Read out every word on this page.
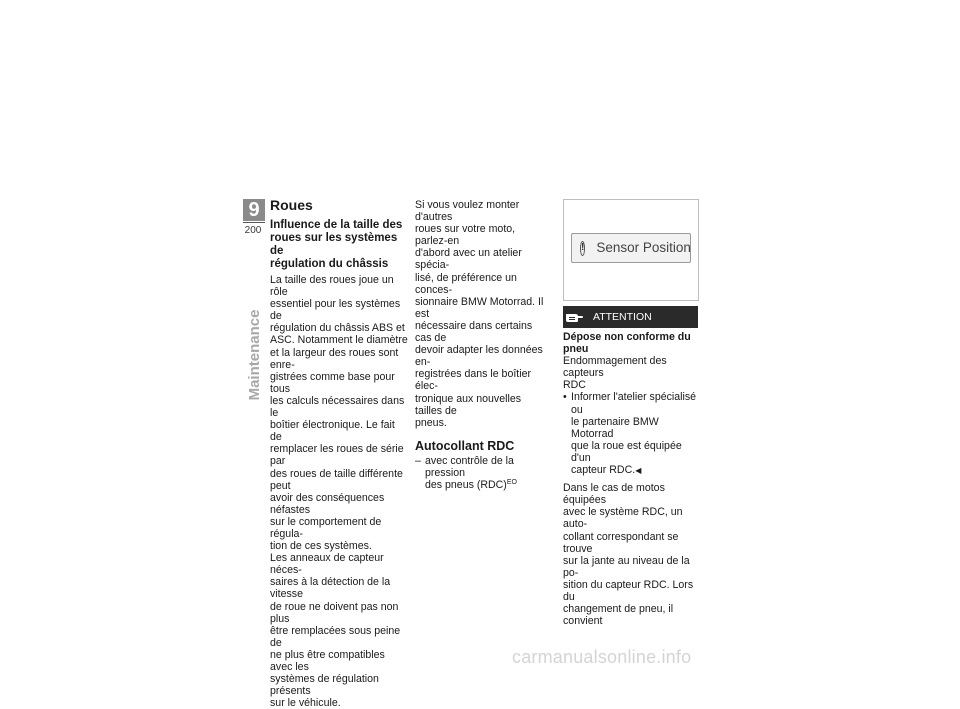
9
200
Maintenance
Roues
Influence de la taille des
roues sur les systèmes de
régulation du châssis

La taille des roues joue un rôle
essentiel pour les systèmes de
régulation du châssis ABS et
ASC. Notamment le diamètre
et la largeur des roues sont enre-
gistrées comme base pour tous
les calculs nécessaires dans le
boîtier électronique. Le fait de
remplacer les roues de série par
des roues de taille différente peut
avoir des conséquences néfastes
sur le comportement de régula-
tion de ces systèmes.

Les anneaux de capteur néces-
saires à la détection de la vitesse
de roue ne doivent pas non plus
être remplacées sous peine de
ne plus être compatibles avec les
systèmes de régulation présents
sur le véhicule.

Si vous voulez monter d'autres
roues sur votre moto, parlez-en
d'abord avec un atelier spécia-
lisé, de préférence un conces-
sionnaire BMW Motorrad. Il est
nécessaire dans certains cas de
devoir adapter les données en-
registrées dans le boîtier élec-
tronique aux nouvelles tailles de
pneus.

Autocollant RDC
– avec contrôle de la pression
des pneus (RDC)$^{EO}$
! Sensor Position
ATTENTION
Dépose non conforme du
pneu

Endommagement des capteurs
RDC

• Informer l'atelier spécialisé ou
le partenaire BMW Motorrad
que la roue est équipée d'un
capteur RDC.◀

Dans le cas de motos équipées
avec le système RDC, un auto-
collant correspondant se trouve
sur la jante au niveau de la po-
sition du capteur RDC. Lors du
changement de pneu, il convient

carmanualsonline.info
